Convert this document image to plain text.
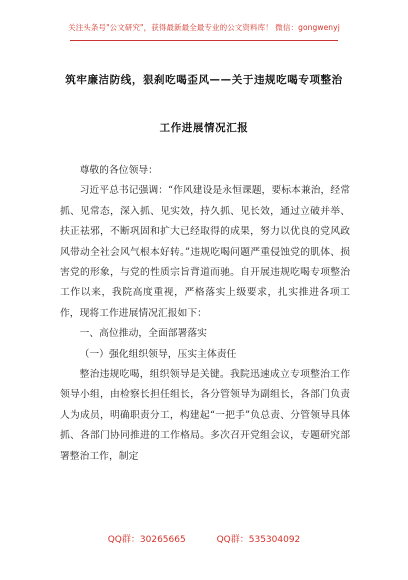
关注头条号"公文研究"，获得最新最全最专业的公文资料库！ 微信：gongwenyj
筑牢廉洁防线，狠刹吃喝歪风——关于违规吃喝专项整治
工作进展情况汇报

尊敬的各位领导：

习近平总书记强调：“作风建设是永恒课题，要标本兼治，经常抓、见常态，深入抓、见实效，持久抓、见长效，通过立破并举、扶正祛邪，不断巩固和扩大已经取得的成果，努力以优良的党风政风带动全社会风气根本好转。”违规吃喝问题严重侵蚀党的肌体、损害党的形象，与党的性质宗旨背道而驰。自开展违规吃喝专项整治工作以来，我院高度重视，严格落实上级要求，扎实推进各项工作，现将工作进展情况汇报如下：

一、高位推动，全面部署落实

（一）强化组织领导，压实主体责任

整治违规吃喝，组织领导是关键。我院迅速成立专项整治工作领导小组，由检察长担任组长，各分管领导为副组长，各部门负责人为成员，明确职责分工，构建起“一把手”负总责、分管领导具体抓、各部门协同推进的工作格局。多次召开党组会议，专题研究部署整治工作，制定

QQ群：30265665	QQ群：535304092
